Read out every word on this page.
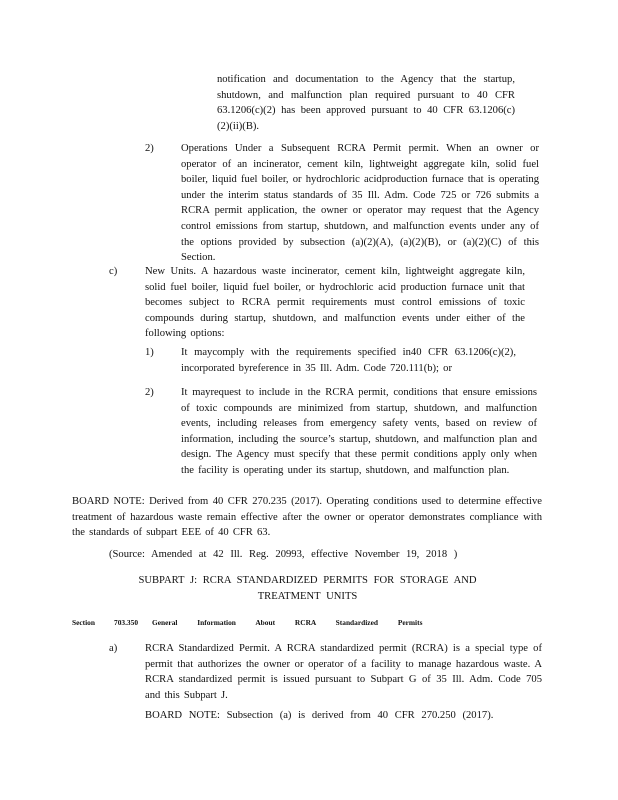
notification and documentation to the Agency that the startup, shutdown, and malfunction plan required pursuant to 40 CFR 63.1206(c)(2) has been approved pursuant to 40 CFR 63.1206(c)(2)(ii)(B).

2)	Operations Under a Subsequent RCRA Permit permit. When an owner or operator of an incinerator, cement kiln, lightweight aggregate kiln, solid fuel boiler, liquid fuel boiler, or hydrochloric acidproduction furnace that is operating under the interim status standards of 35 Ill. Adm. Code 725 or 726 submits a RCRA permit application, the owner or operator may request that the Agency control emissions from startup, shutdown, and malfunction events under any of the options provided by subsection (a)(2)(A), (a)(2)(B), or (a)(2)(C) of this Section.

c)	New Units. A hazardous waste incinerator, cement kiln, lightweight aggregate kiln, solid fuel boiler, liquid fuel boiler, or hydrochloric acid production furnace unit that becomes subject to RCRA permit requirements must control emissions of toxic compounds during startup, shutdown, and malfunction events under either of the following options:

1)	It maycomply with the requirements specified in40 CFR 63.1206(c)(2), incorporated byreference in 35 Ill. Adm. Code 720.111(b); or

2)	It mayrequest to include in the RCRA permit, conditions that ensure emissions of toxic compounds are minimized from startup, shutdown, and malfunction events, including releases from emergency safety vents, based on review of information, including the source’s startup, shutdown, and malfunction plan and design. The Agency must specify that these permit conditions apply only when the facility is operating under its startup, shutdown, and malfunction plan.

BOARD NOTE: Derived from 40 CFR 270.235 (2017). Operating conditions used to determine effective treatment of hazardous waste remain effective after the owner or operator demonstrates compliance with the standards of subpart EEE of 40 CFR 63.

(Source: Amended at 42 Ill. Reg. 20993, effective November 19, 2018 )

SUBPART J: RCRA STANDARDIZED PERMITS FOR STORAGE AND TREATMENT UNITS
Section	703.350 General Information About RCRA Standardized Permits
a)	RCRA Standardized Permit. A RCRA standardized permit (RCRA) is a special type of permit that authorizes the owner or operator of a facility to manage hazardous waste. A RCRA standardized permit is issued pursuant to Subpart G of 35 Ill. Adm. Code 705 and this Subpart J.

BOARD NOTE: Subsection (a) is derived from 40 CFR 270.250 (2017).
